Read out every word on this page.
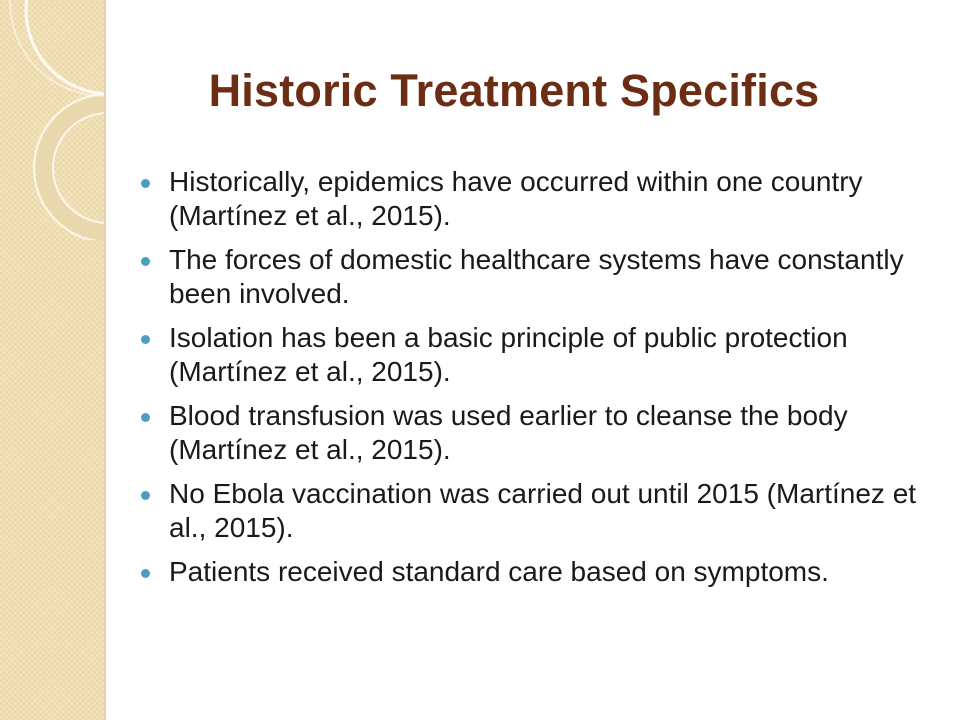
Historic Treatment Specifics
Historically, epidemics have occurred within one country (Martínez et al., 2015).
The forces of domestic healthcare systems have constantly been involved.
Isolation has been a basic principle of public protection (Martínez et al., 2015).
Blood transfusion was used earlier to cleanse the body (Martínez et al., 2015).
No Ebola vaccination was carried out until 2015 (Martínez et al., 2015).
Patients received standard care based on symptoms.
